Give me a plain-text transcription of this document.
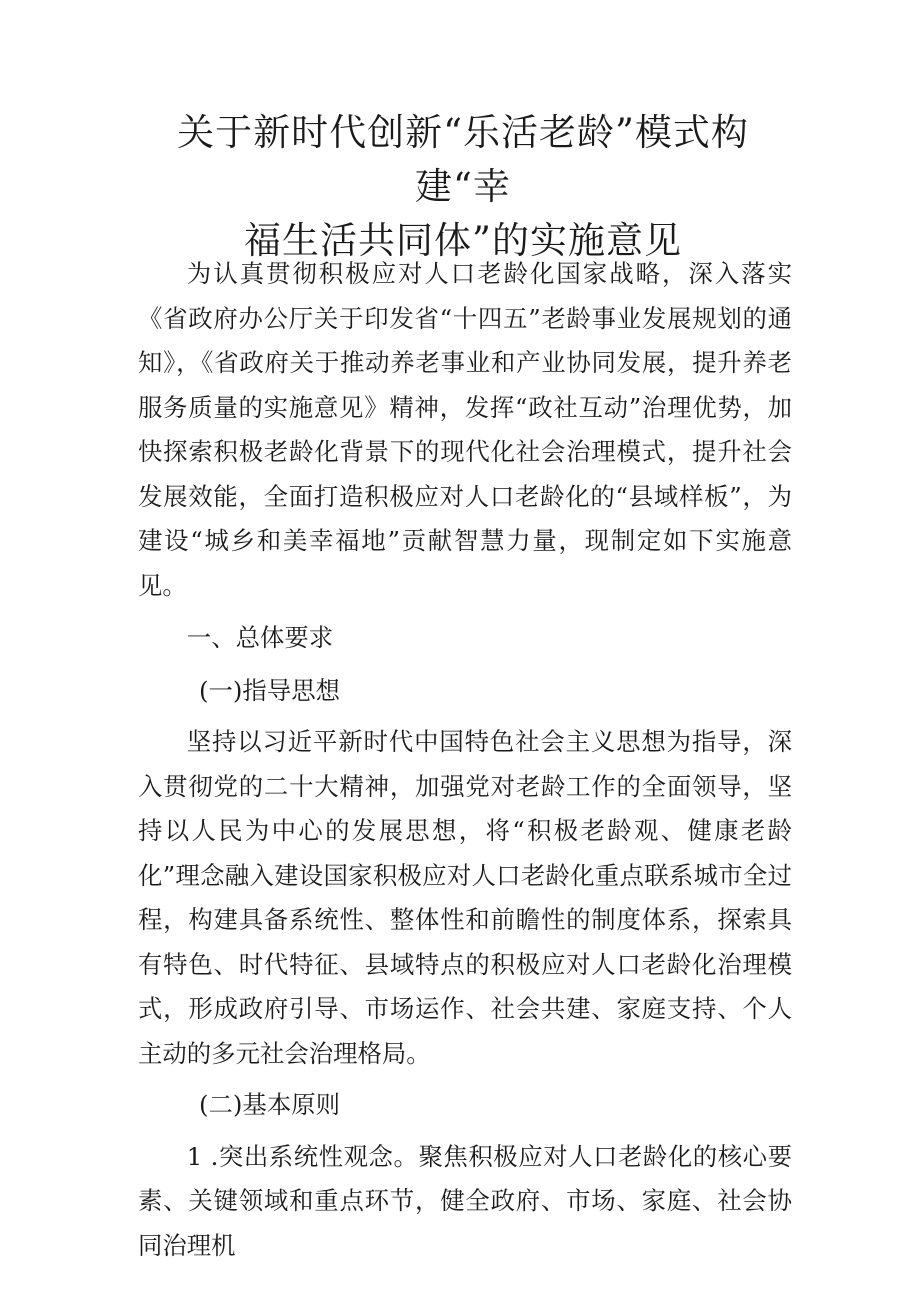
关于新时代创新“乐活老龄”模式构建“幸
福生活共同体”的实施意见

为认真贯彻积极应对人口老龄化国家战略，深入落实《省政府办公厅关于印发省“十四五”老龄事业发展规划的通知》，《省政府关于推动养老事业和产业协同发展，提升养老服务质量的实施意见》精神，发挥“政社互动”治理优势，加快探索积极老龄化背景下的现代化社会治理模式，提升社会发展效能，全面打造积极应对人口老龄化的“县域样板”，为建设“城乡和美幸福地”贡献智慧力量，现制定如下实施意见。

一、总体要求

(一)指导思想

坚持以习近平新时代中国特色社会主义思想为指导，深入贯彻党的二十大精神，加强党对老龄工作的全面领导，坚持以人民为中心的发展思想，将“积极老龄观、健康老龄化”理念融入建设国家积极应对人口老龄化重点联系城市全过程，构建具备系统性、整体性和前瞻性的制度体系，探索具有特色、时代特征、县域特点的积极应对人口老龄化治理模式，形成政府引导、市场运作、社会共建、家庭支持、个人主动的多元社会治理格局。

(二)基本原则

1 .突出系统性观念。聚焦积极应对人口老龄化的核心要素、关键领域和重点环节，健全政府、市场、家庭、社会协同治理机
